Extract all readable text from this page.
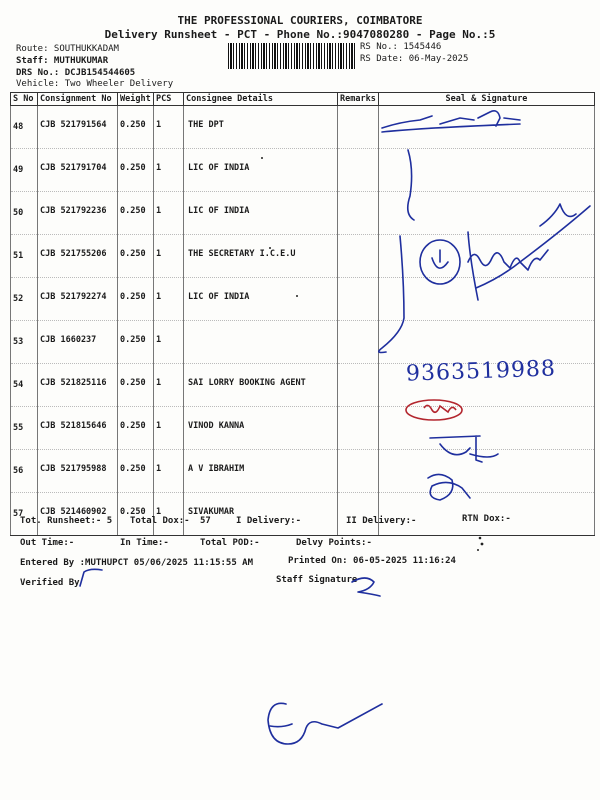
THE PROFESSIONAL COURIERS, COIMBATORE
Delivery Runsheet - PCT - Phone No.:9047080280 - Page No.:5
Route: SOUTHUKKADAM
Staff: MUTHUKUMAR
DRS No.: DCJB154544605
Vehicle: Two Wheeler Delivery
RS No.: 1545446
RS Date: 06-May-2025
S No	Consignment No	Weight	PCS	Consignee Details	Remarks	Seal & Signature
48	CJB 521791564	0.250	1	THE DPT		
49	CJB 521791704	0.250	1	LIC OF INDIA		
50	CJB 521792236	0.250	1	LIC OF INDIA		
51	CJB 521755206	0.250	1	THE SECRETARY I.C.E.U		
52	CJB 521792274	0.250	1	LIC OF INDIA		
53	CJB 1660237	0.250	1			
54	CJB 521825116	0.250	1	SAI LORRY BOOKING AGENT		
55	CJB 521815646	0.250	1	VINOD KANNA		
56	CJB 521795988	0.250	1	A V IBRAHIM		
57	CJB 521460902	0.250	1	SIVAKUMAR		
Tot. Runsheet:- 5 Total Dox:- 57	I Delivery:-	II Delivery:-	RTN Dox:-
Out Time:-	In Time:-	Total POD:-	Delvy Points:-
Entered By :MUTHUPCT 05/06/2025 11:15:55 AM	Printed On: 06-05-2025 11:16:24
Verified By	Staff Signature
9363519988
